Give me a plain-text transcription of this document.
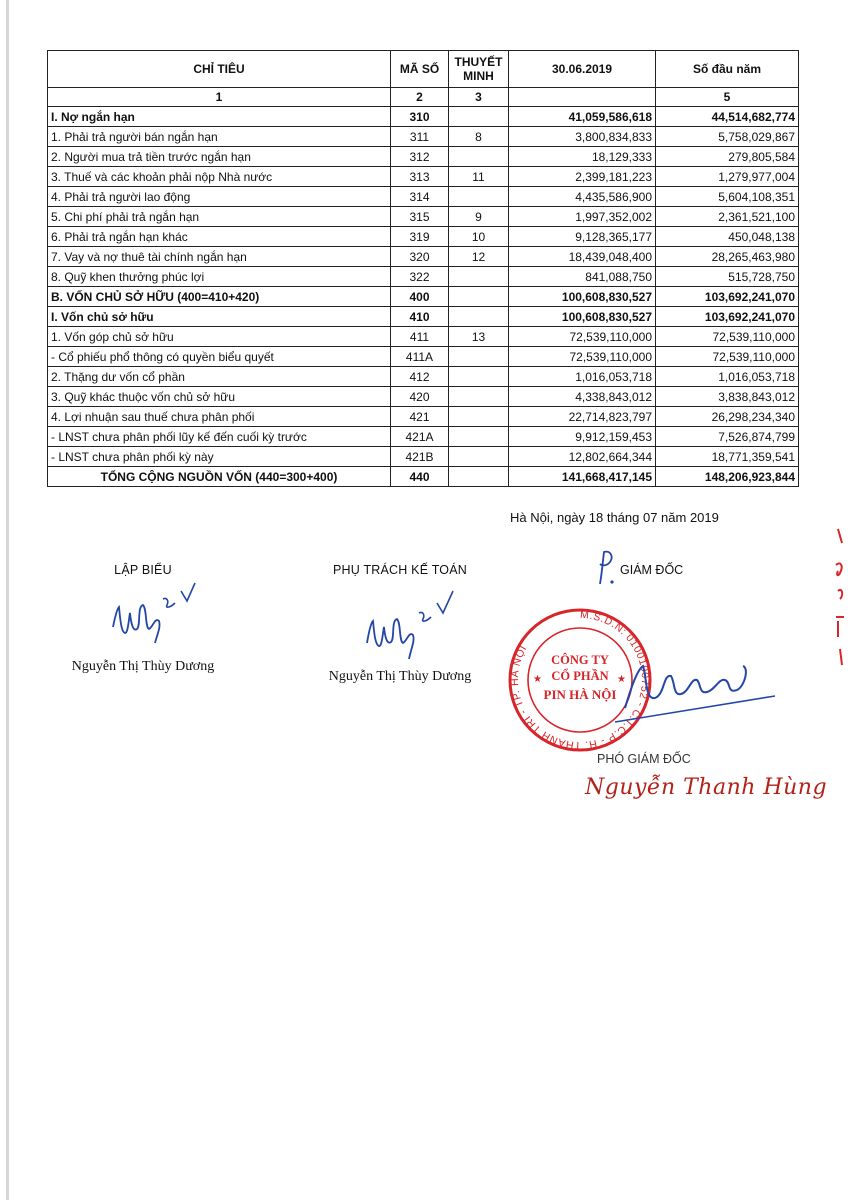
CHỈ TIÊU	MÃ SỐ	THUYẾT MINH	30.06.2019	Số đầu năm
1	2	3		5
I. Nợ ngắn hạn	310		41,059,586,618	44,514,682,774
1. Phải trả người bán ngắn hạn	311	8	3,800,834,833	5,758,029,867
2. Người mua trả tiền trước ngắn hạn	312		18,129,333	279,805,584
3. Thuế và các khoản phải nộp Nhà nước	313	11	2,399,181,223	1,279,977,004
4. Phải trả người lao động	314		4,435,586,900	5,604,108,351
5. Chi phí phải trả ngắn hạn	315	9	1,997,352,002	2,361,521,100
6. Phải trả ngắn hạn khác	319	10	9,128,365,177	450,048,138
7. Vay và nợ thuê tài chính ngắn hạn	320	12	18,439,048,400	28,265,463,980
8. Quỹ khen thưởng phúc lợi	322		841,088,750	515,728,750
B. VỐN CHỦ SỞ HỮU (400=410+420)	400		100,608,830,527	103,692,241,070
I. Vốn chủ sở hữu	410		100,608,830,527	103,692,241,070
1. Vốn góp chủ sở hữu	411	13	72,539,110,000	72,539,110,000
- Cổ phiếu phổ thông có quyền biểu quyết	411A		72,539,110,000	72,539,110,000
2. Thặng dư vốn cổ phần	412		1,016,053,718	1,016,053,718
3. Quỹ khác thuộc vốn chủ sở hữu	420		4,338,843,012	3,838,843,012
4. Lợi nhuận sau thuế chưa phân phối	421		22,714,823,797	26,298,234,340
- LNST chưa phân phối lũy kế đến cuối kỳ trước	421A		9,912,159,453	7,526,874,799
- LNST chưa phân phối kỳ này	421B		12,802,664,344	18,771,359,541
TỔNG CỘNG NGUỒN VỐN (440=300+400)	440		141,668,417,145	148,206,923,844
Hà Nội, ngày 18 tháng 07 năm 2019
LẬP BIỂU
Nguyễn Thị Thùy Dương
PHỤ TRÁCH KẾ TOÁN
Nguyễn Thị Thùy Dương
GIÁM ĐỐC
M.S.D.N: 0100100752 - C.T.C.P - H. THANH TRÌ - TP. HÀ NỘI
CÔNG TY
CỔ PHẦN
PIN HÀ NỘI
★	★
PHÓ GIÁM ĐỐC
Nguyễn Thanh Hùng
